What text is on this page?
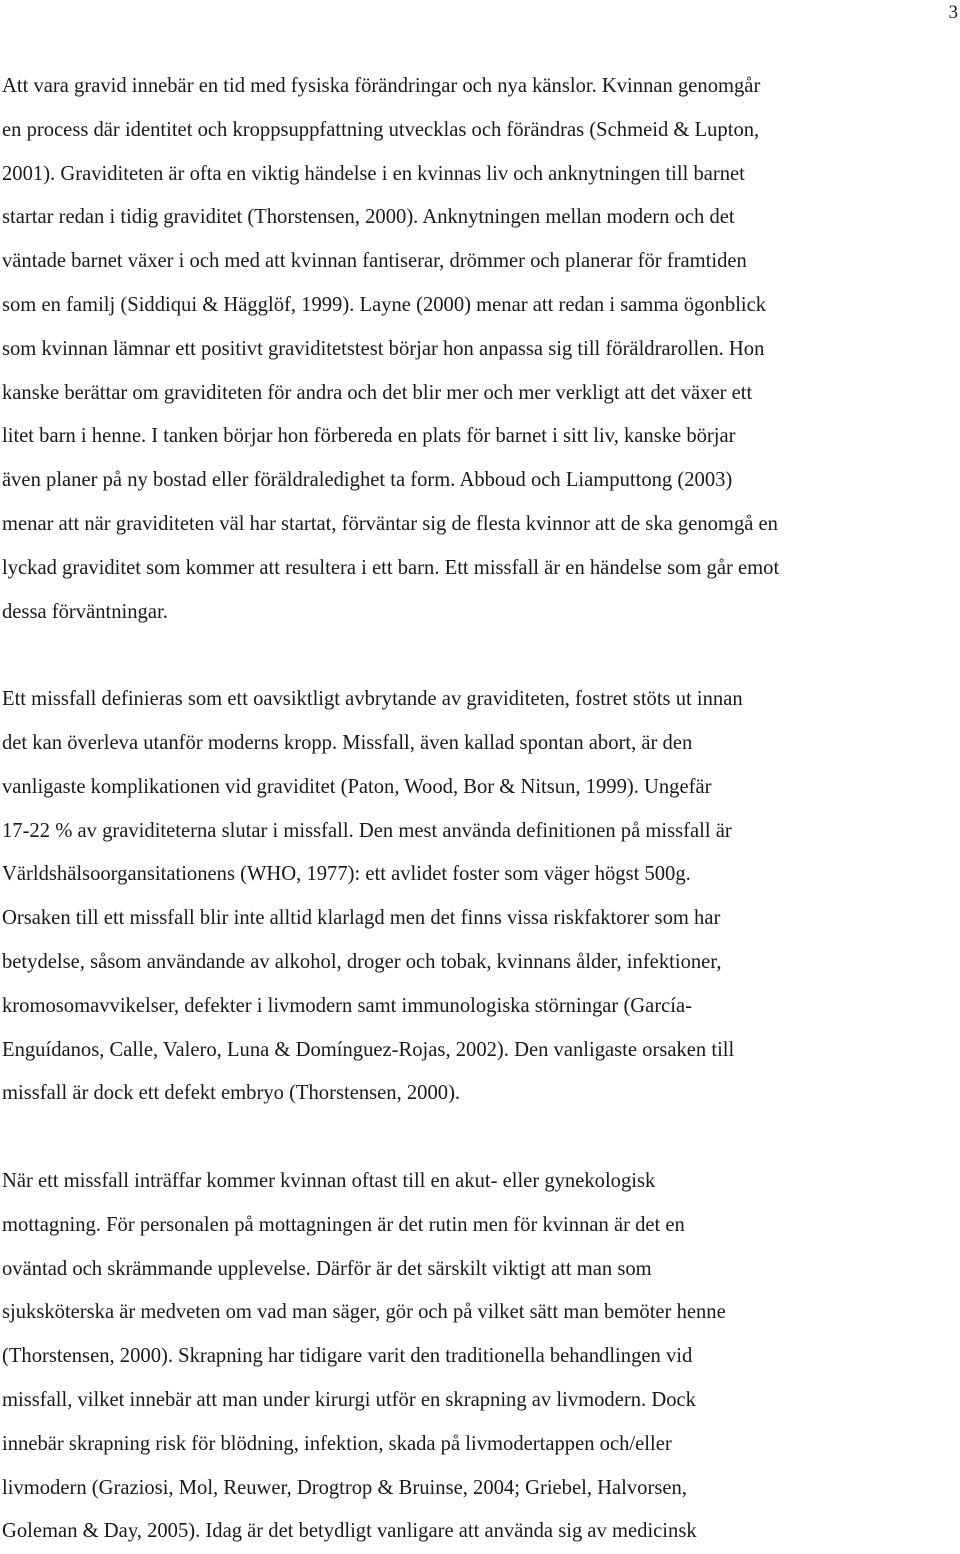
3

Att vara gravid innebär en tid med fysiska förändringar och nya känslor. Kvinnan genomgår
en process där identitet och kroppsuppfattning utvecklas och förändras (Schmeid & Lupton,
2001). Graviditeten är ofta en viktig händelse i en kvinnas liv och anknytningen till barnet
startar redan i tidig graviditet (Thorstensen, 2000). Anknytningen mellan modern och det
väntade barnet växer i och med att kvinnan fantiserar, drömmer och planerar för framtiden
som en familj (Siddiqui & Hägglöf, 1999). Layne (2000) menar att redan i samma ögonblick
som kvinnan lämnar ett positivt graviditetstest börjar hon anpassa sig till föräldrarollen. Hon
kanske berättar om graviditeten för andra och det blir mer och mer verkligt att det växer ett
litet barn i henne. I tanken börjar hon förbereda en plats för barnet i sitt liv, kanske börjar
även planer på ny bostad eller föräldraledighet ta form. Abboud och Liamputtong (2003)
menar att när graviditeten väl har startat, förväntar sig de flesta kvinnor att de ska genomgå en
lyckad graviditet som kommer att resultera i ett barn. Ett missfall är en händelse som går emot
dessa förväntningar.

Ett missfall definieras som ett oavsiktligt avbrytande av graviditeten, fostret stöts ut innan
det kan överleva utanför moderns kropp. Missfall, även kallad spontan abort, är den
vanligaste komplikationen vid graviditet (Paton, Wood, Bor & Nitsun, 1999). Ungefär
17-22 % av graviditeterna slutar i missfall. Den mest använda definitionen på missfall är
Världshälsoorgansitationens (WHO, 1977): ett avlidet foster som väger högst 500g.
Orsaken till ett missfall blir inte alltid klarlagd men det finns vissa riskfaktorer som har
betydelse, såsom användande av alkohol, droger och tobak, kvinnans ålder, infektioner,
kromosomavvikelser, defekter i livmodern samt immunologiska störningar (García-
Enguídanos, Calle, Valero, Luna & Domínguez-Rojas, 2002). Den vanligaste orsaken till
missfall är dock ett defekt embryo (Thorstensen, 2000).

När ett missfall inträffar kommer kvinnan oftast till en akut- eller gynekologisk
mottagning. För personalen på mottagningen är det rutin men för kvinnan är det en
oväntad och skrämmande upplevelse. Därför är det särskilt viktigt att man som
sjuksköterska är medveten om vad man säger, gör och på vilket sätt man bemöter henne
(Thorstensen, 2000). Skrapning har tidigare varit den traditionella behandlingen vid
missfall, vilket innebär att man under kirurgi utför en skrapning av livmodern. Dock
innebär skrapning risk för blödning, infektion, skada på livmodertappen och/eller
livmodern (Graziosi, Mol, Reuwer, Drogtrop & Bruinse, 2004; Griebel, Halvorsen,
Goleman & Day, 2005). Idag är det betydligt vanligare att använda sig av medicinsk
